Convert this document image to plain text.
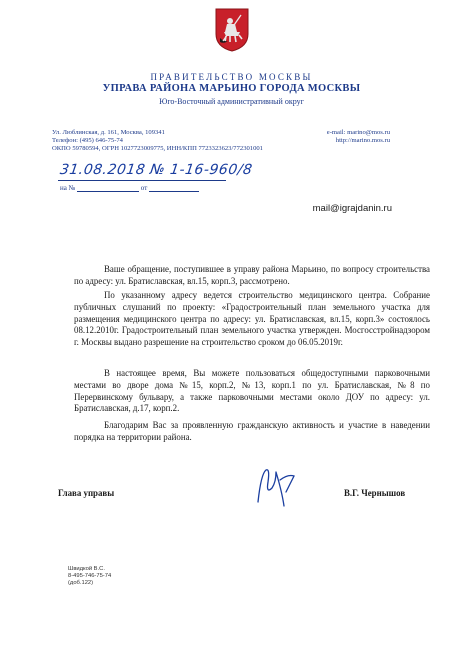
ПРАВИТЕЛЬСТВО МОСКВЫ
УПРАВА РАЙОНА МАРЬИНО ГОРОДА МОСКВЫ
Юго-Восточный административный округ
Ул. Люблинская, д. 161, Москва, 109341
Телефон: (495) 646-75-74
ОКПО 59780594, ОГРН 1027723009775, ИНН/КПП 7723323623/772301001
e-mail: marino@mos.ru
http://marino.mos.ru
31.08.2018 № 1-16-960/8
на №	от
mail@igrajdanin.ru

Ваше обращение, поступившее в управу района Марьино, по вопросу строительства по адресу: ул. Братиславская, вл.15, корп.3, рассмотрено.

По указанному адресу ведется строительство медицинского центра. Собрание публичных слушаний по проекту: «Градостроительный план земельного участка для размещения медицинского центра по адресу: ул. Братиславская, вл.15, корп.3» состоялось 08.12.2010г. Градостроительный план земельного участка утвержден. Мосгосстройнадзором г. Москвы выдано разрешение на строительство сроком до 06.05.2019г.

В настоящее время, Вы можете пользоваться общедоступными парковочными местами во дворе дома №15, корп.2, №13, корп.1 по ул. Братиславская, №8 по Перервинскому бульвару, а также парковочными местами около ДОУ по адресу: ул. Братиславская, д.17, корп.2.

Благодарим Вас за проявленную гражданскую активность и участие в наведении порядка на территории района.

Глава управы	В.Г. Чернышов
Швидкой В.С.
8-495-746-75-74
(доб.122)
